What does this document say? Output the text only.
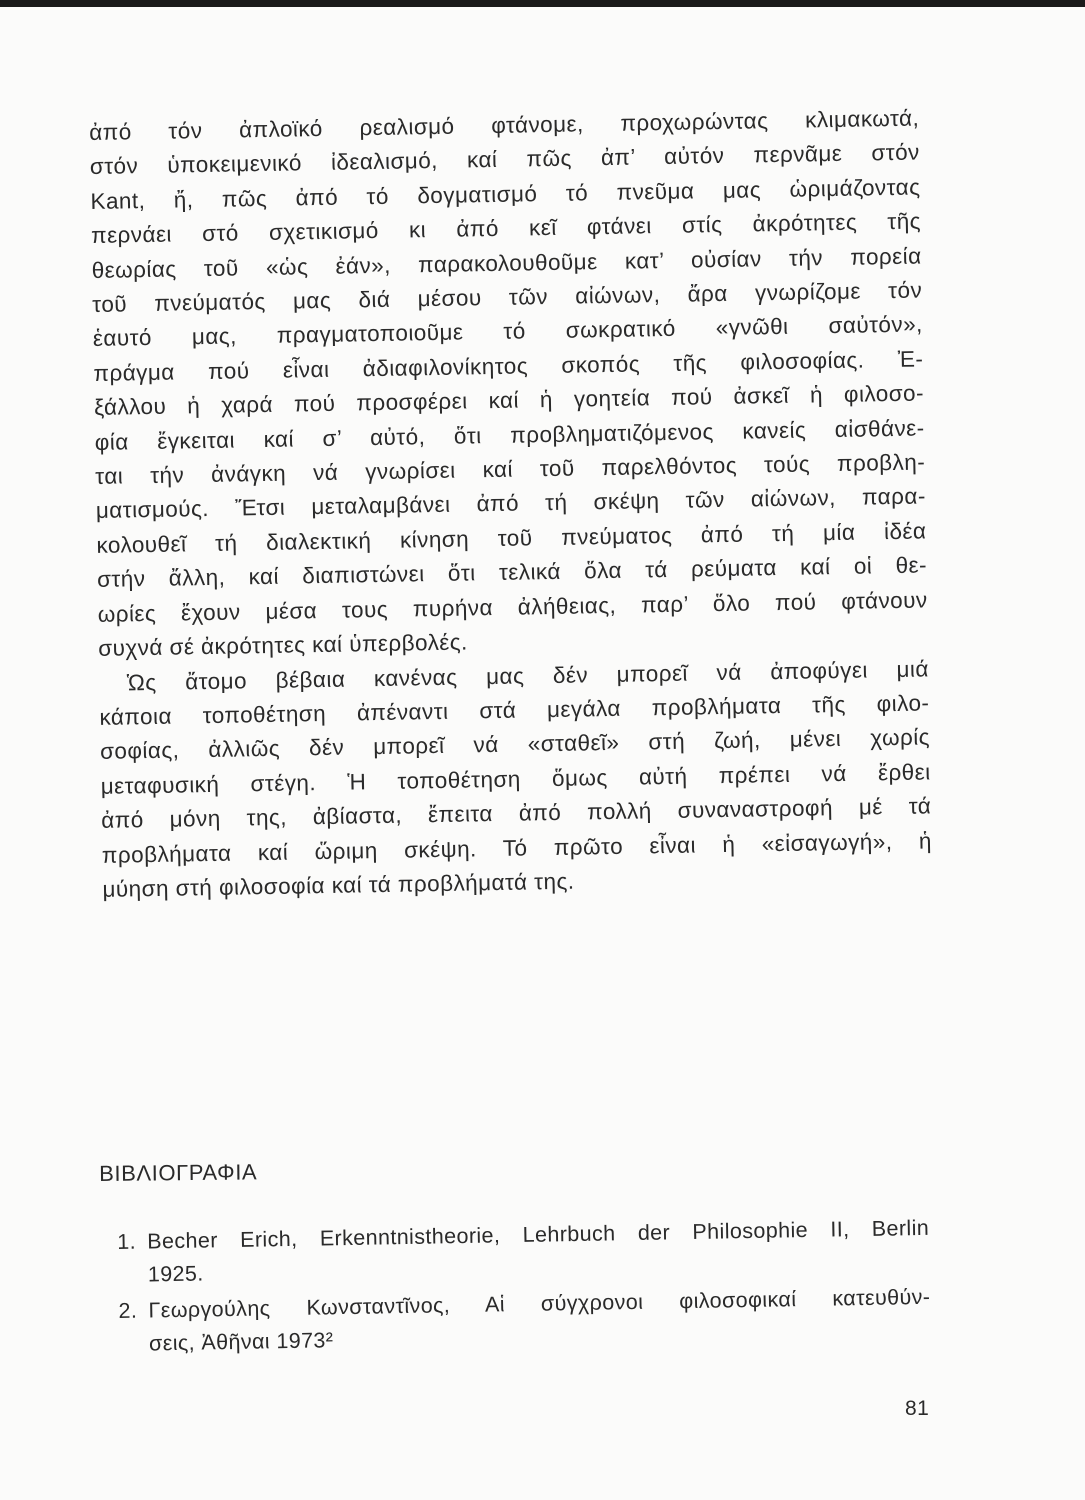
ἀπό τόν ἀπλοϊκό ρεαλισμό φτάνομε, προχωρώντας κλιμακωτά,
στόν ὑποκειμενικό ἰδεαλισμό, καί πῶς ἀπ’ αὐτόν περνᾶμε στόν
Kant, ἤ, πῶς ἀπό τό δογματισμό τό πνεῦμα μας ὡριμάζοντας
περνάει στό σχετικισμό κι ἀπό κεῖ φτάνει στίς ἀκρότητες τῆς
θεωρίας τοῦ «ὡς ἐάν», παρακολουθοῦμε κατ’ οὐσίαν τήν πορεία
τοῦ πνεύματός μας διά μέσου τῶν αἰώνων, ἄρα γνωρίζομε τόν
ἑαυτό μας, πραγματοποιοῦμε τό σωκρατικό «γνῶθι σαὐτόν»,
πράγμα πού εἶναι ἀδιαφιλονίκητος σκοπός τῆς φιλοσοφίας. Ἐ-
ξάλλου ἡ χαρά πού προσφέρει καί ἡ γοητεία πού ἀσκεῖ ἡ φιλοσο-
φία ἔγκειται καί σ’ αὐτό, ὅτι προβληματιζόμενος κανείς αἰσθάνε-
ται τήν ἀνάγκη νά γνωρίσει καί τοῦ παρελθόντος τούς προβλη-
ματισμούς. Ἔτσι μεταλαμβάνει ἀπό τή σκέψη τῶν αἰώνων, παρα-
κολουθεῖ τή διαλεκτική κίνηση τοῦ πνεύματος ἀπό τή μία ἰδέα
στήν ἄλλη, καί διαπιστώνει ὅτι τελικά ὅλα τά ρεύματα καί οἱ θε-
ωρίες ἔχουν μέσα τους πυρήνα ἀλήθειας, παρ’ ὅλο πού φτάνουν
συχνά σέ ἀκρότητες καί ὑπερβολές.
Ὡς ἄτομο βέβαια κανένας μας δέν μπορεῖ νά ἀποφύγει μιά
κάποια τοποθέτηση ἀπέναντι στά μεγάλα προβλήματα τῆς φιλο-
σοφίας, ἀλλιῶς δέν μπορεῖ νά «σταθεῖ» στή ζωή, μένει χωρίς
μεταφυσική στέγη. Ἡ τοποθέτηση ὅμως αὐτή πρέπει νά ἔρθει
ἀπό μόνη της, ἀβίαστα, ἔπειτα ἀπό πολλή συναναστροφή μέ τά
προβλήματα καί ὥριμη σκέψη. Τό πρῶτο εἶναι ἡ «εἰσαγωγή», ἡ
μύηση στή φιλοσοφία καί τά προβλήματά της.
ΒΙΒΛΙΟΓΡΑΦΙΑ
1. Becher Erich, Erkenntnistheorie, Lehrbuch der Philosophie II, Berlin
1925.
2. Γεωργούλης Κωνσταντῖνος, Αἱ σύγχρονοι φιλοσοφικαί κατευθύν-
σεις, Ἀθῆναι 1973²
81
